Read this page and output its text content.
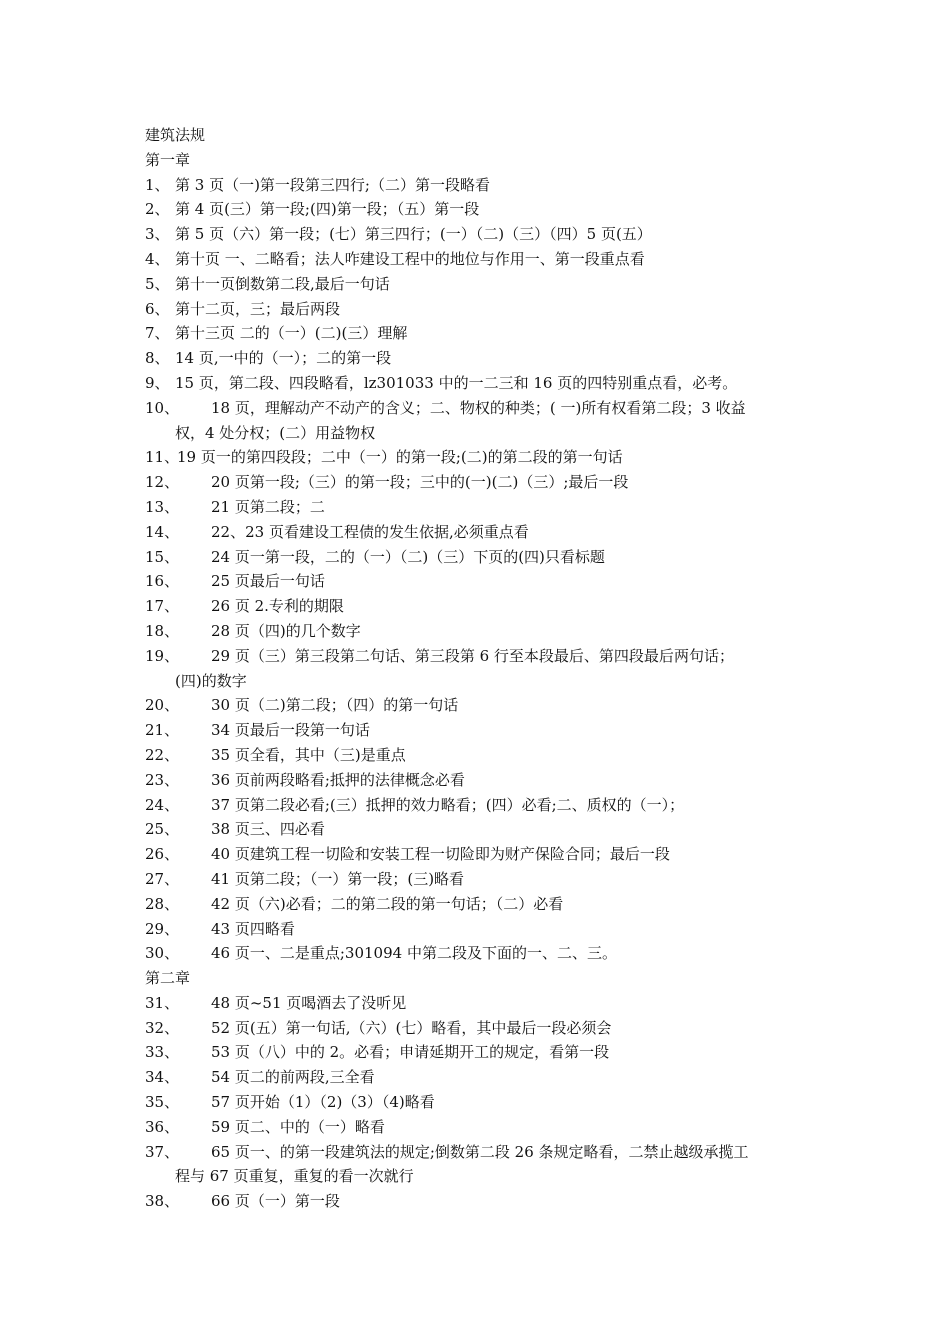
建筑法规
第一章
1、 第 3 页（一)第一段第三四行;（二）第一段略看
2、 第 4 页(三）第一段;(四)第一段；（五）第一段
3、 第 5 页（六）第一段；(七）第三四行；(一）（二)（三）（四）5 页(五）
4、 第十页 一、二略看；法人咋建设工程中的地位与作用一、第一段重点看
5、 第十一页倒数第二段,最后一句话
6、 第十二页，三；最后两段
7、 第十三页 二的（一）(二)(三）理解
8、 14 页,一中的（一）；二的第一段
9、 15 页，第二段、四段略看，lz301033 中的一二三和 16 页的四特别重点看，必考。
10、	18 页，理解动产不动产的含义；二、物权的种类；( 一)所有权看第二段；3 收益
权，4 处分权；(二）用益物权
11、
19 页一的第四段段；二中（一）的第一段;(二)的第二段的第一句话
12、	20 页第一段;（三）的第一段；三中的(一)(二)（三）;最后一段
13、	21 页第二段；二
14、	22、23 页看建设工程债的发生依据,必须重点看
15、	24 页一第一段，二的（一）（二)（三）下页的(四)只看标题
16、	25 页最后一句话
17、	26 页 2.专利的期限
18、	28 页（四)的几个数字
19、	29 页（三）第三段第二句话、第三段第 6 行至本段最后、第四段最后两句话；
(四)的数字
20、	30 页（二)第二段；（四）的第一句话
21、	34 页最后一段第一句话
22、	35 页全看，其中（三)是重点
23、	36 页前两段略看;抵押的法律概念必看
24、	37 页第二段必看;(三）抵押的效力略看；(四）必看;二、质权的（一）；
25、	38 页三、四必看
26、	40 页建筑工程一切险和安装工程一切险即为财产保险合同；最后一段
27、	41 页第二段；（一）第一段；(三)略看
28、	42 页（六)必看；二的第二段的第一句话；（二）必看
29、	43 页四略看
30、	46 页一、二是重点;301094 中第二段及下面的一、二、三。
第二章
31、	48 页~51 页喝酒去了没听见
32、	52 页(五）第一句话,（六）(七）略看，其中最后一段必须会
33、	53 页（八）中的 2。必看；申请延期开工的规定，看第一段
34、	54 页二的前两段,三全看
35、	57 页开始（1）（2)（3）（4)略看
36、	59 页二、中的（一）略看
37、	65 页一、的第一段建筑法的规定;倒数第二段 26 条规定略看，二禁止越级承揽工
程与 67 页重复，重复的看一次就行
38、	66 页（一）第一段
